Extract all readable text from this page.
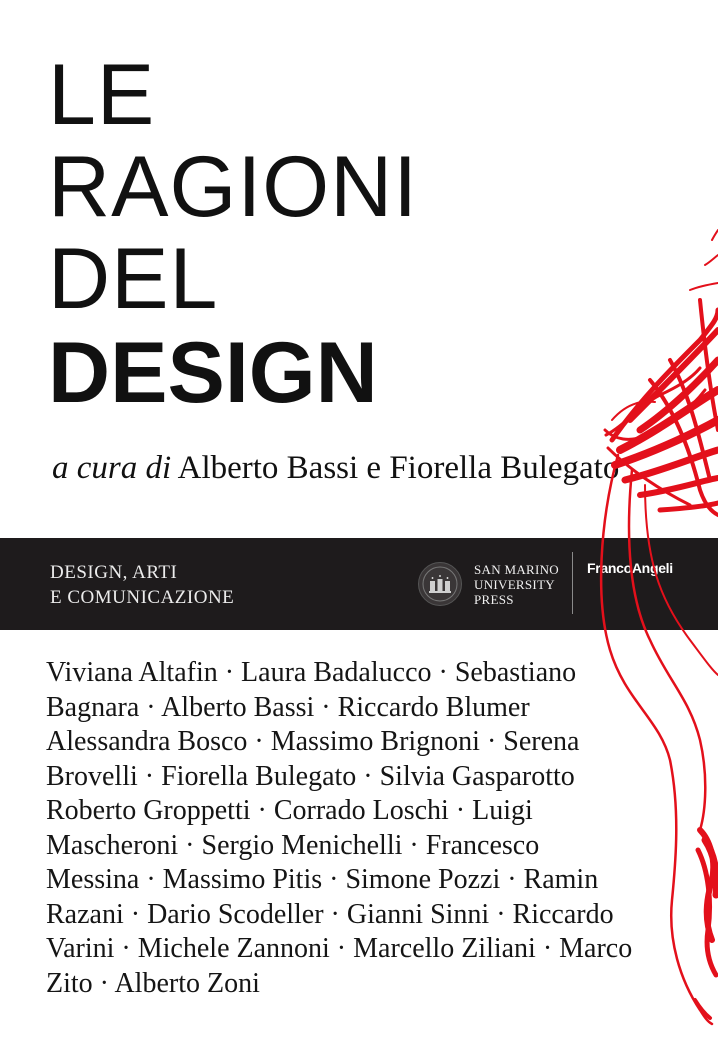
LE
RAGIONI
DEL
DESIGN
a cura di Alberto Bassi e Fiorella Bulegato
DESIGN, ARTI
E COMUNICAZIONE
SAN MARINO
UNIVERSITY
PRESS
FrancoAngeli
Viviana Altafin · Laura Badalucco · Sebastiano
Bagnara · Alberto Bassi · Riccardo Blumer
Alessandra Bosco · Massimo Brignoni · Serena
Brovelli · Fiorella Bulegato · Silvia Gasparotto
Roberto Groppetti · Corrado Loschi · Luigi
Mascheroni · Sergio Menichelli · Francesco
Messina · Massimo Pitis · Simone Pozzi · Ramin
Razani · Dario Scodeller · Gianni Sinni · Riccardo
Varini · Michele Zannoni · Marcello Ziliani · Marco
Zito · Alberto Zoni
